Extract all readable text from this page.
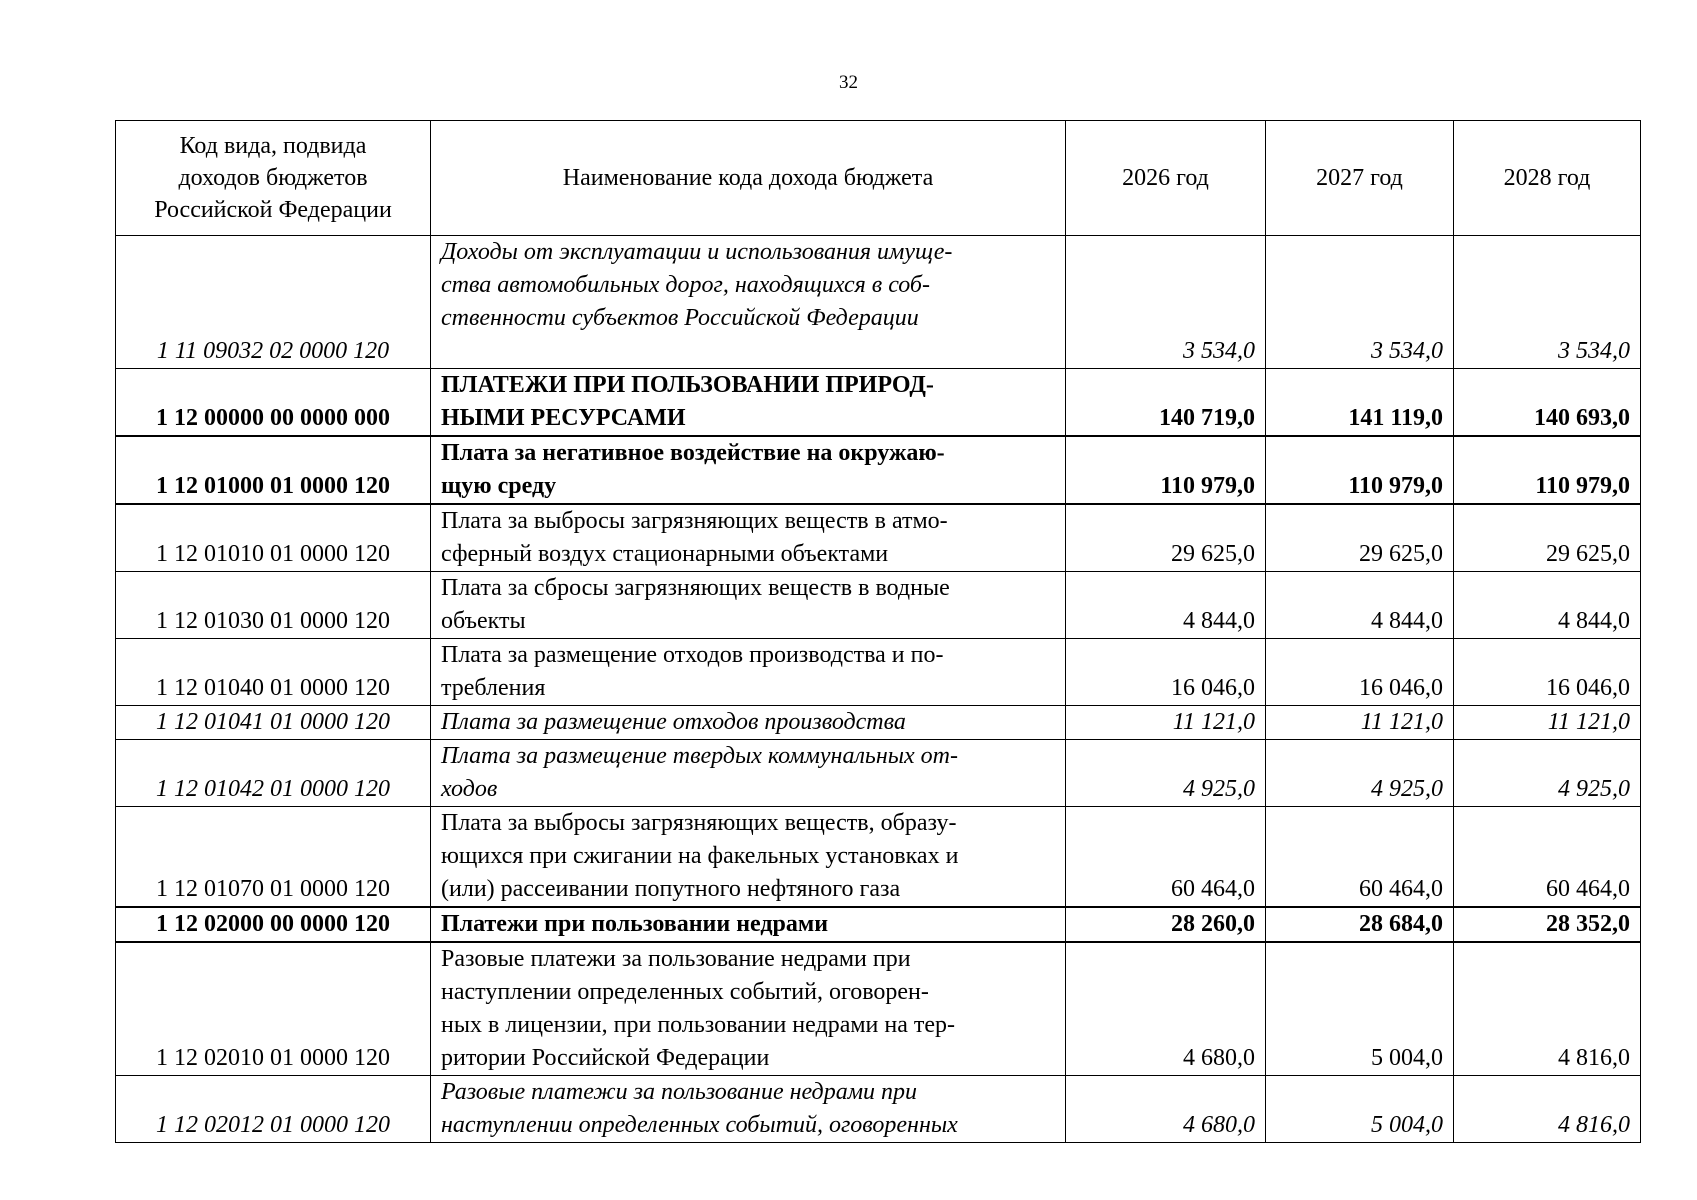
32
Код вида, подвида
доходов бюджетов
Российской Федерации	Наименование кода дохода бюджета	2026 год	2027 год	2028 год
1 11 09032 02 0000 120	Доходы от эксплуатации и использования имуще-
ства автомобильных дорог, находящихся в соб-
ственности субъектов Российской Федерации	3 534,0	3 534,0	3 534,0
1 12 00000 00 0000 000	ПЛАТЕЖИ ПРИ ПОЛЬЗОВАНИИ ПРИРОД-
НЫМИ РЕСУРСАМИ	140 719,0	141 119,0	140 693,0
1 12 01000 01 0000 120	Плата за негативное воздействие на окружаю-
щую среду	110 979,0	110 979,0	110 979,0
1 12 01010 01 0000 120	Плата за выбросы загрязняющих веществ в атмо-
сферный воздух стационарными объектами	29 625,0	29 625,0	29 625,0
1 12 01030 01 0000 120	Плата за сбросы загрязняющих веществ в водные
объекты	4 844,0	4 844,0	4 844,0
1 12 01040 01 0000 120	Плата за размещение отходов производства и по-
требления	16 046,0	16 046,0	16 046,0
1 12 01041 01 0000 120	Плата за размещение отходов производства	11 121,0	11 121,0	11 121,0
1 12 01042 01 0000 120	Плата за размещение твердых коммунальных от-
ходов	4 925,0	4 925,0	4 925,0
1 12 01070 01 0000 120	Плата за выбросы загрязняющих веществ, образу-
ющихся при сжигании на факельных установках и
(или) рассеивании попутного нефтяного газа	60 464,0	60 464,0	60 464,0
1 12 02000 00 0000 120	Платежи при пользовании недрами	28 260,0	28 684,0	28 352,0
1 12 02010 01 0000 120	Разовые платежи за пользование недрами при
наступлении определенных событий, оговорен-
ных в лицензии, при пользовании недрами на тер-
ритории Российской Федерации	4 680,0	5 004,0	4 816,0
1 12 02012 01 0000 120	Разовые платежи за пользование недрами при
наступлении определенных событий, оговоренных	4 680,0	5 004,0	4 816,0
